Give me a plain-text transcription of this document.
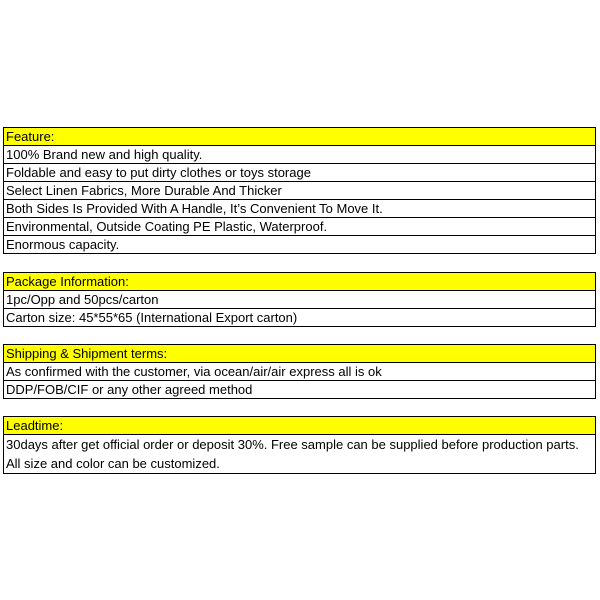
Feature:
100% Brand new and high quality.
Foldable and easy to put dirty clothes or toys storage
Select Linen Fabrics, More Durable And Thicker
Both Sides Is Provided With A Handle, It’s Convenient To Move It.
Environmental, Outside Coating PE Plastic, Waterproof.
Enormous capacity.
Package Information:
1pc/Opp and 50pcs/carton
Carton size: 45*55*65 (International Export carton)
Shipping & Shipment terms:
As confirmed with the customer, via ocean/air/air express all is ok
DDP/FOB/CIF or any other agreed method
Leadtime:
30days after get official order or deposit 30%. Free sample can be supplied before production parts. All size and color can be customized.
